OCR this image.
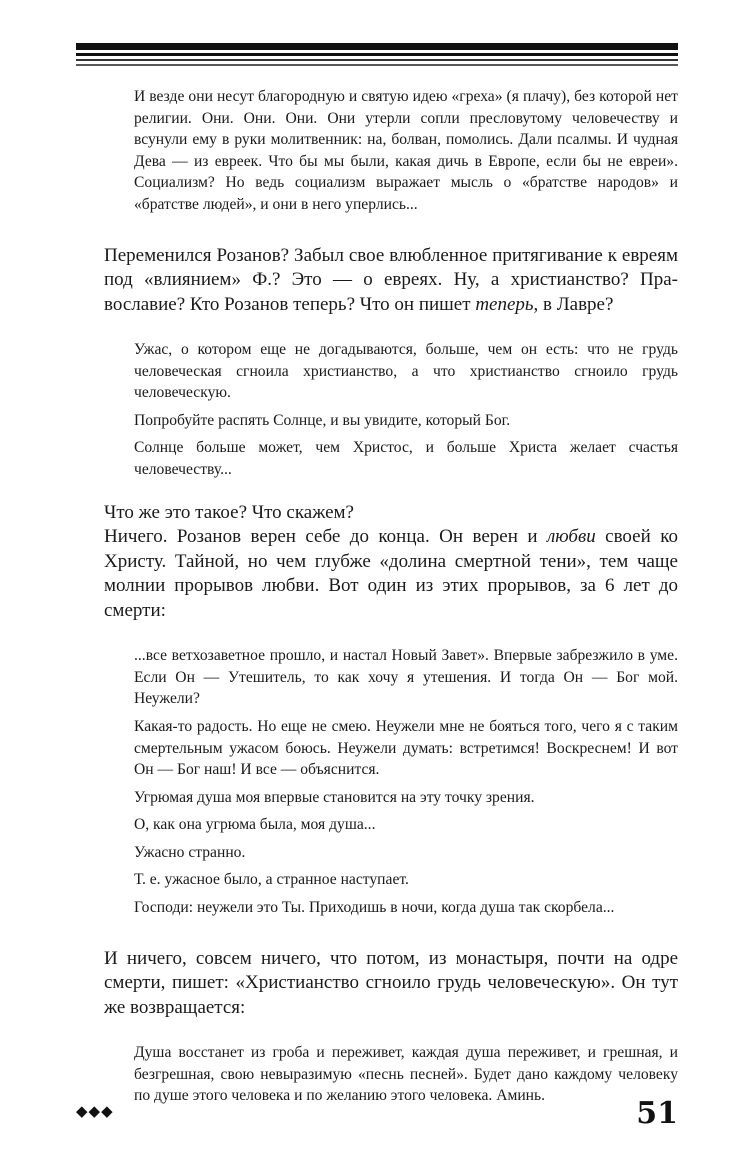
И везде они несут благородную и святую идею «греха» (я плачу), без которой нет религии. Они. Они. Они. Они утерли сопли пресловутому человечеству и всунули ему в руки молитвенник: на, болван, помолись. Дали псалмы. И чудная Дева — из евреек. Что бы мы были, какая дичь в Европе, если бы не евреи». Социализм? Но ведь социализм выражает мысль о «братстве народов» и «братстве людей», и они в него уперлись...

Переменился Розанов? Забыл свое влюбленное притягивание к евреям под «влиянием» Ф.? Это — о евреях. Ну, а христианство? Православие? Кто Розанов теперь? Что он пишет теперь, в Лавре?

Ужас, о котором еще не догадываются, больше, чем он есть: что не грудь человеческая сгноила христианство, а что христианство сгноило грудь человеческую.

Попробуйте распять Солнце, и вы увидите, который Бог.

Солнце больше может, чем Христос, и больше Христа желает счастья человечеству...

Что же это такое? Что скажем?

Ничего. Розанов верен себе до конца. Он верен и любви своей ко Христу. Тайной, но чем глубже «долина смертной тени», тем чаще молнии прорывов любви. Вот один из этих прорывов, за 6 лет до смерти:

...все ветхозаветное прошло, и настал Новый Завет». Впервые забрезжило в уме. Если Он — Утешитель, то как хочу я утешения. И тогда Он — Бог мой. Неужели?

Какая-то радость. Но еще не смею. Неужели мне не бояться того, чего я с таким смертельным ужасом боюсь. Неужели думать: встретимся! Воскреснем! И вот Он — Бог наш! И все — объяснится.

Угрюмая душа моя впервые становится на эту точку зрения.

О, как она угрюма была, моя душа...

Ужасно странно.

Т. е. ужасное было, а странное наступает.

Господи: неужели это Ты. Приходишь в ночи, когда душа так скорбела...

И ничего, совсем ничего, что потом, из монастыря, почти на одре смерти, пишет: «Христианство сгноило грудь человеческую». Он тут же возвращается:

Душа восстанет из гроба и переживет, каждая душа переживет, и грешная, и безгрешная, свою невыразимую «песнь песней». Будет дано каждому человеку по душе этого человека и по желанию этого человека. Аминь.

◆◆◆	51
